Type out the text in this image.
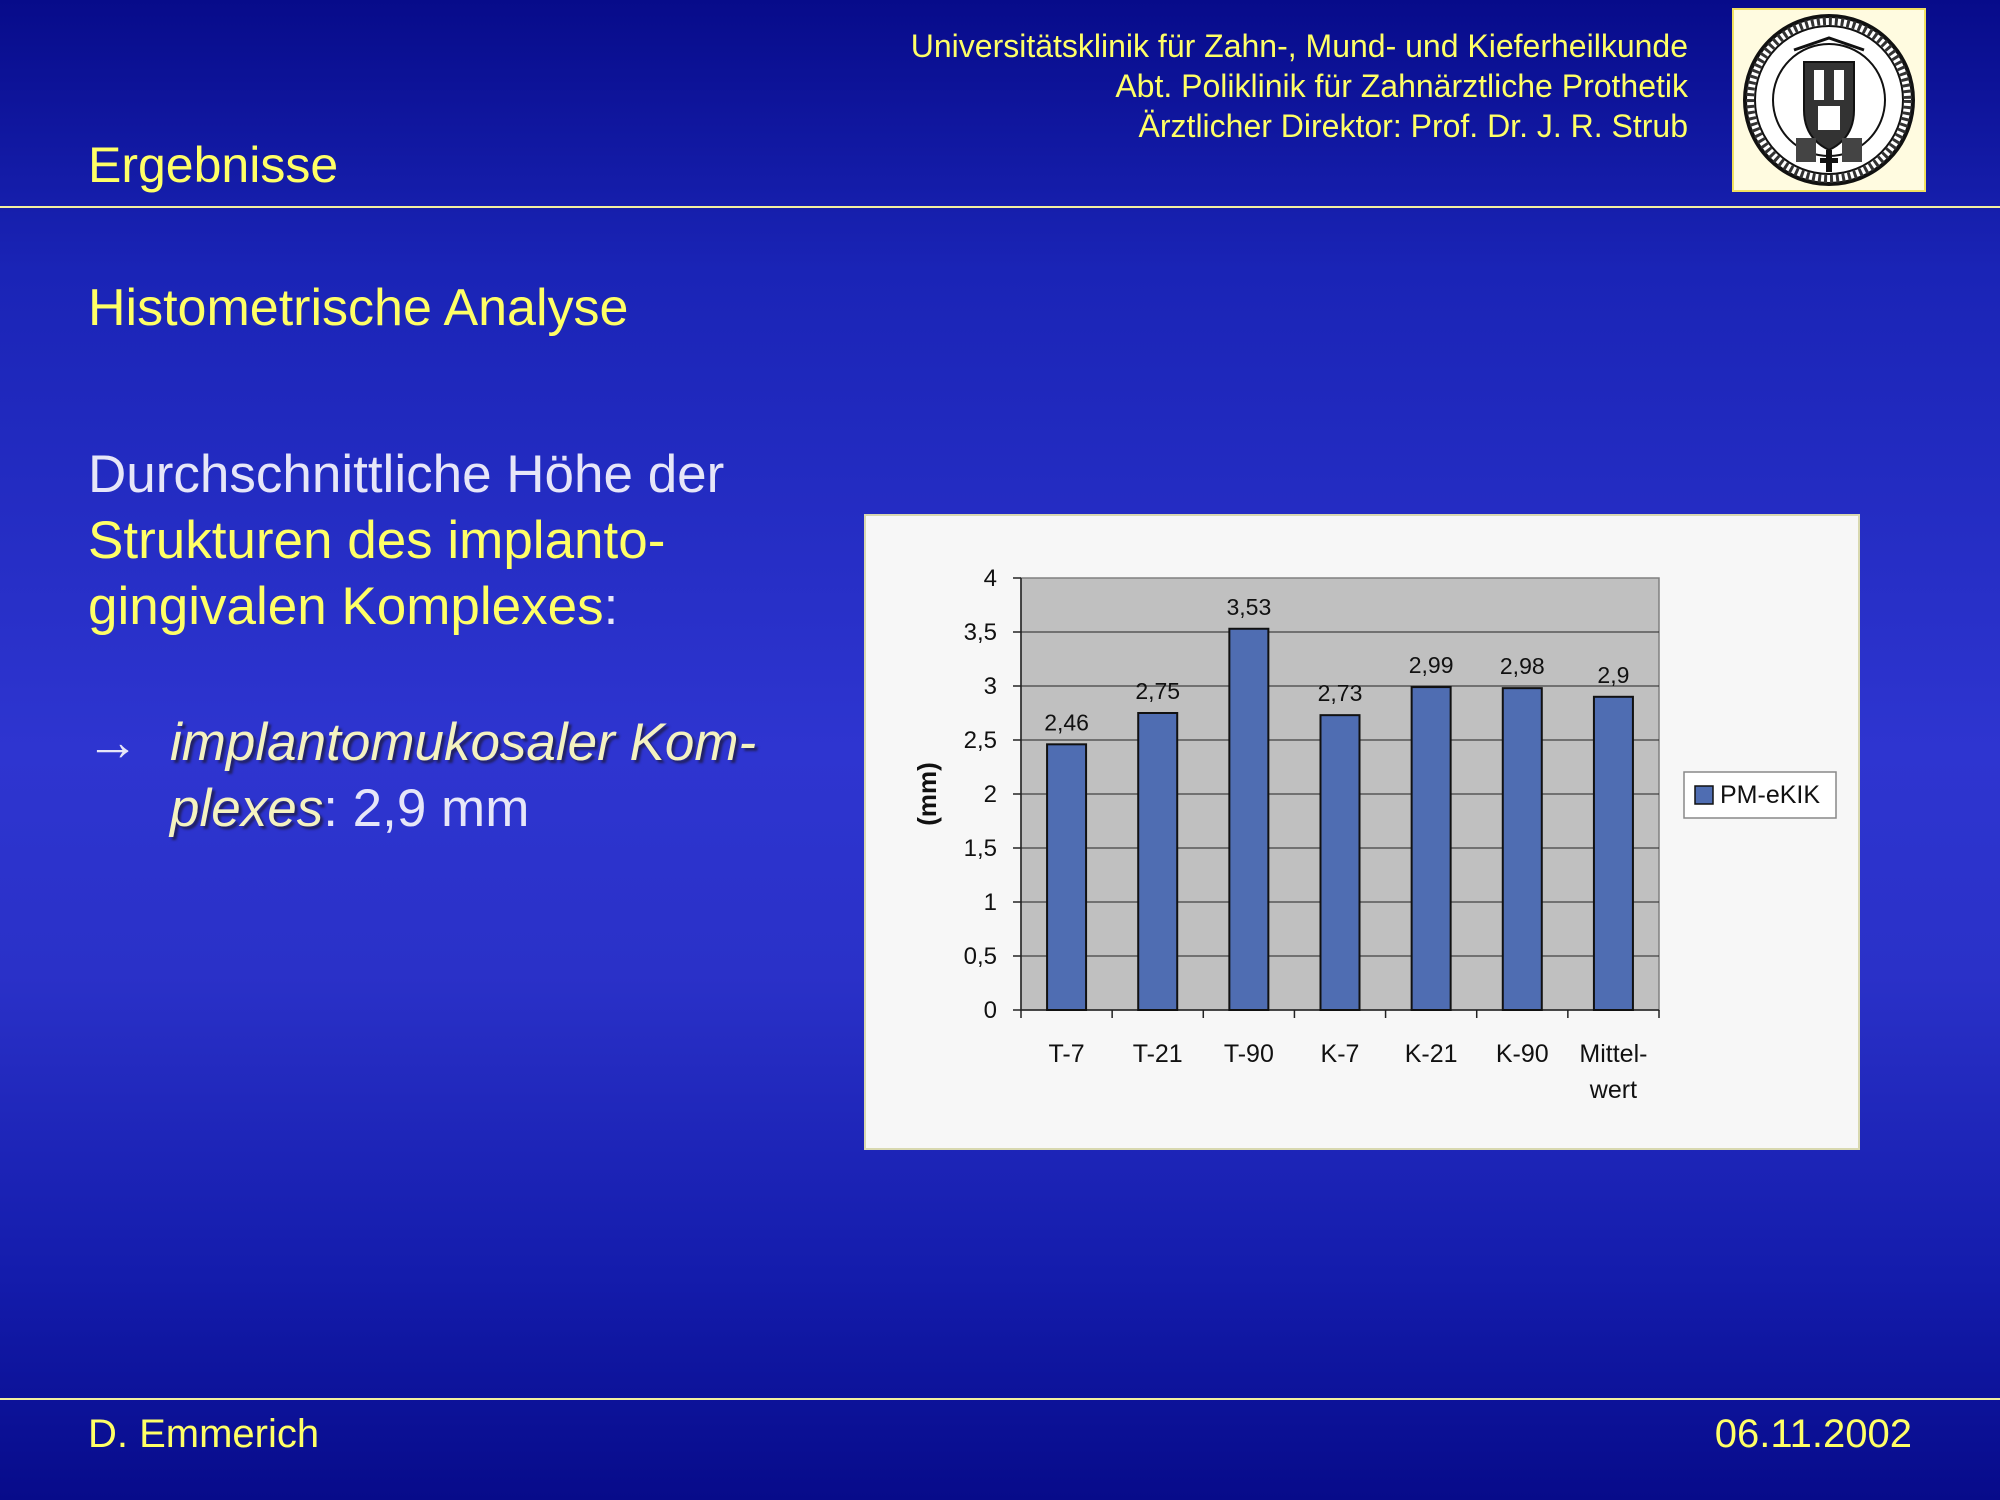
Universitätsklinik für Zahn-, Mund- und Kieferheilkunde
Abt. Poliklinik für Zahnärztliche Prothetik
Ärztlicher Direktor: Prof. Dr. J. R. Strub
Ergebnisse
Histometrische Analyse
Durchschnittliche Höhe der
Strukturen des implanto-
gingivalen Komplexes:
→ implantomukosaler Kom-
plexes: 2,9 mm
0
0,5
1
1,5
2
2,5
3
3,5
4
2,46
T-7
2,75
T-21
3,53
T-90
2,73
K-7
2,99
K-21
2,98
K-90
2,9
Mittel-
wert
(mm)	PM-eKIK
D. Emmerich	06.11.2002
